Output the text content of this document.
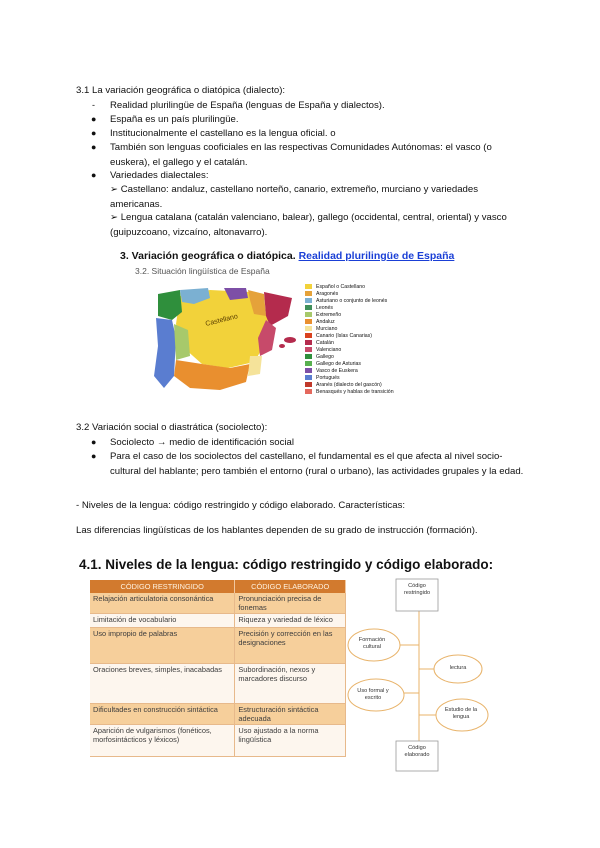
3.1 La variación geográfica o diatópica (dialecto):
- Realidad plurilingüe de España (lenguas de España y dialectos).
● España es un país plurilingüe.
● Institucionalmente el castellano es la lengua oficial. o
● También son lenguas cooficiales en las respectivas Comunidades Autónomas: el vasco (o euskera), el gallego y el catalán.
● Variedades dialectales:
➢ Castellano: andaluz, castellano norteño, canario, extremeño, murciano y variedades americanas.
➢ Lengua catalana (catalán valenciano, balear), gallego (occidental, central, oriental) y vasco (guipuzcoano, vizcaíno, altonavarro).
3. Variación geográfica o diatópica. Realidad plurilingüe de España
3.2. Situación lingüística de España
Castellano
Español o Castellano
Aragonés
Asturiano o conjunto de leonés
Leonés
Extremeño
Andaluz
Murciano
Canario (Islas Canarias)
Catalán
Valenciano
Gallego
Gallego de Asturias
Vasco de Euskera
Portugués
Aranés (dialecto del gascón)
Benasqués y hablas de transición
3.2 Variación social o diastrática (sociolecto):
● Sociolecto → medio de identificación social
● Para el caso de los sociolectos del castellano, el fundamental es el que afecta al nivel socio-cultural del hablante; pero también el entorno (rural o urbano), las actividades grupales y la edad.
- Niveles de la lengua: código restringido y código elaborado. Características:
Las diferencias lingüísticas de los hablantes dependen de su grado de instrucción (formación).
4.1. Niveles de la lengua: código restringido y código elaborado:
CÓDIGO RESTRINGIDO	CÓDIGO ELABORADO
Relajación articulatoria consonántica	Pronunciación precisa de fonemas
Limitación de vocabulario	Riqueza y variedad de léxico
Uso impropio de palabras	Precisión y corrección en las designaciones
Oraciones breves, simples, inacabadas	Subordinación, nexos y marcadores discurso
Dificultades en construcción sintáctica	Estructuración sintáctica adecuada
Aparición de vulgarismos (fonéticos, morfosintácticos y léxicos)	Uso ajustado a la norma lingüística
Código restringido
Código elaborado
Formación cultural
lectura
Uso formal y escrito
Estudio de la lengua
